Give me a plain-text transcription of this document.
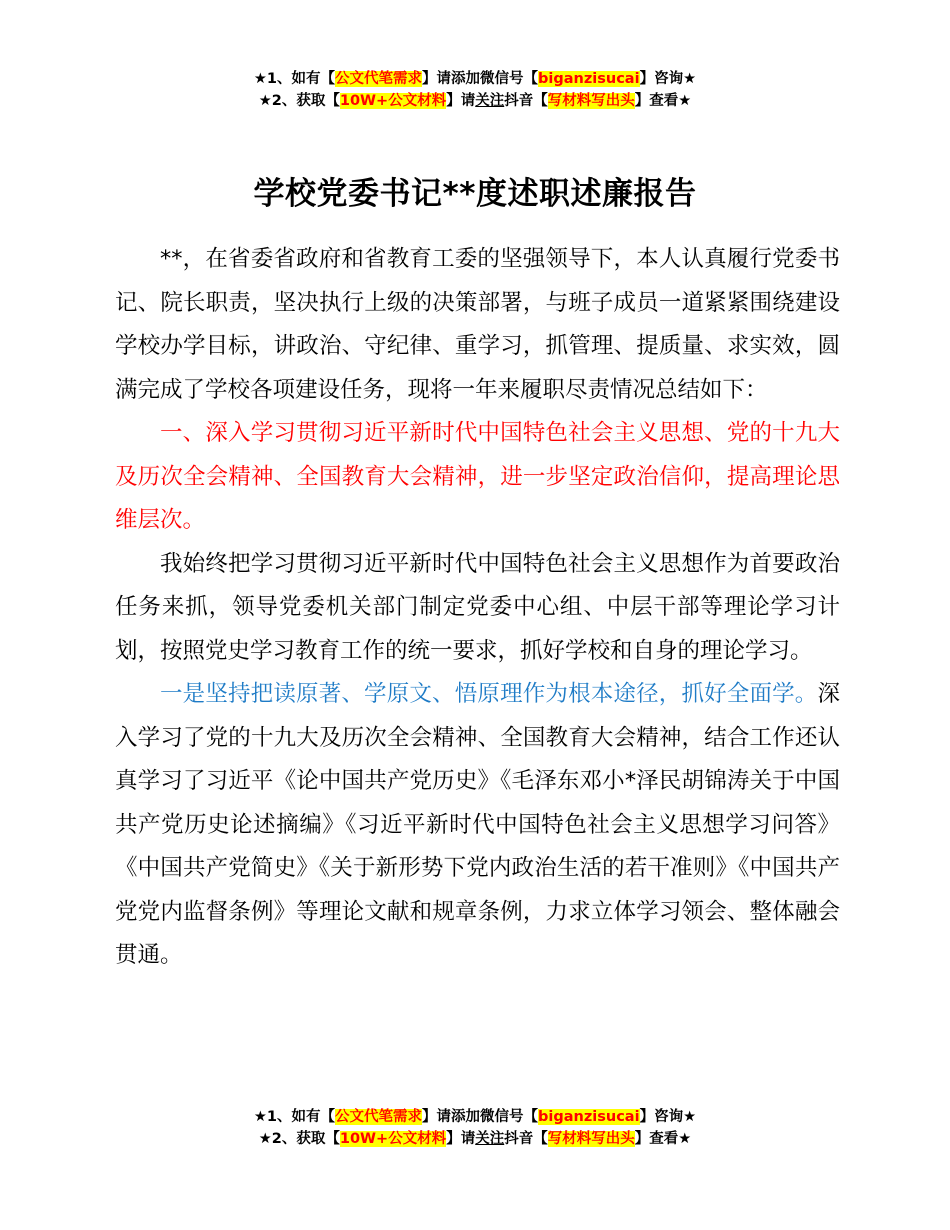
★1、如有【公文代笔需求】请添加微信号【biganzisucai】咨询★
★2、获取【10W+公文材料】请关注抖音【写材料写出头】查看★
学校党委书记**度述职述廉报告

**，在省委省政府和省教育工委的坚强领导下，本人认真履行党委书记、院长职责，坚决执行上级的决策部署，与班子成员一道紧紧围绕建设学校办学目标，讲政治、守纪律、重学习，抓管理、提质量、求实效，圆满完成了学校各项建设任务，现将一年来履职尽责情况总结如下：

一、深入学习贯彻习近平新时代中国特色社会主义思想、党的十九大及历次全会精神、全国教育大会精神，进一步坚定政治信仰，提高理论思维层次。

我始终把学习贯彻习近平新时代中国特色社会主义思想作为首要政治任务来抓，领导党委机关部门制定党委中心组、中层干部等理论学习计划，按照党史学习教育工作的统一要求，抓好学校和自身的理论学习。

一是坚持把读原著、学原文、悟原理作为根本途径，抓好全面学。深入学习了党的十九大及历次全会精神、全国教育大会精神，结合工作还认真学习了习近平《论中国共产党历史》《毛泽东邓小*泽民胡锦涛关于中国共产党历史论述摘编》《习近平新时代中国特色社会主义思想学习问答》《中国共产党简史》《关于新形势下党内政治生活的若干准则》《中国共产党党内监督条例》等理论文献和规章条例，力求立体学习领会、整体融会贯通。

★1、如有【公文代笔需求】请添加微信号【biganzisucai】咨询★
★2、获取【10W+公文材料】请关注抖音【写材料写出头】查看★
